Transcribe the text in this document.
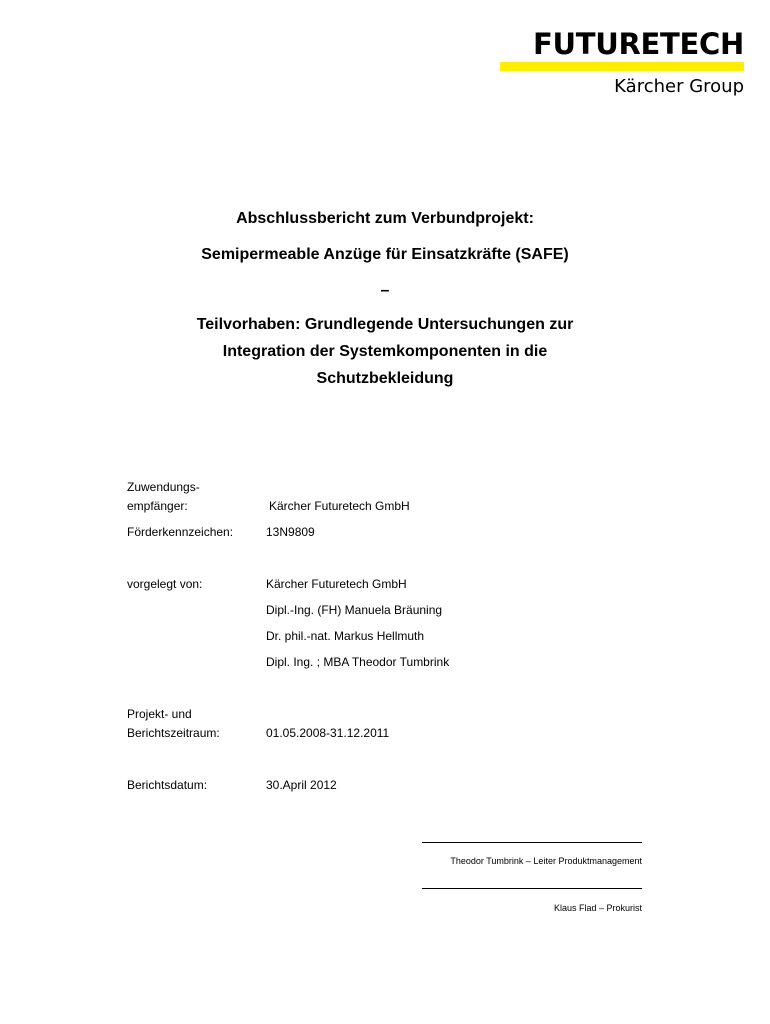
FUTURETECH
Kärcher Group
Abschlussbericht zum Verbundprojekt:
Semipermeable Anzüge für Einsatzkräfte (SAFE)
–
Teilvorhaben: Grundlegende Untersuchungen zur
Integration der Systemkomponenten in die
Schutzbekleidung
Zuwendungs-
empfänger:	Kärcher Futuretech GmbH
Förderkennzeichen:	13N9809
vorgelegt von:	Kärcher Futuretech GmbH
Dipl.-Ing. (FH) Manuela Bräuning
Dr. phil.-nat. Markus Hellmuth
Dipl. Ing. ; MBA Theodor Tumbrink
Projekt- und
Berichtszeitraum:	01.05.2008-31.12.2011
Berichtsdatum:	30.April 2012
Theodor Tumbrink – Leiter Produktmanagement
Klaus Flad – Prokurist
